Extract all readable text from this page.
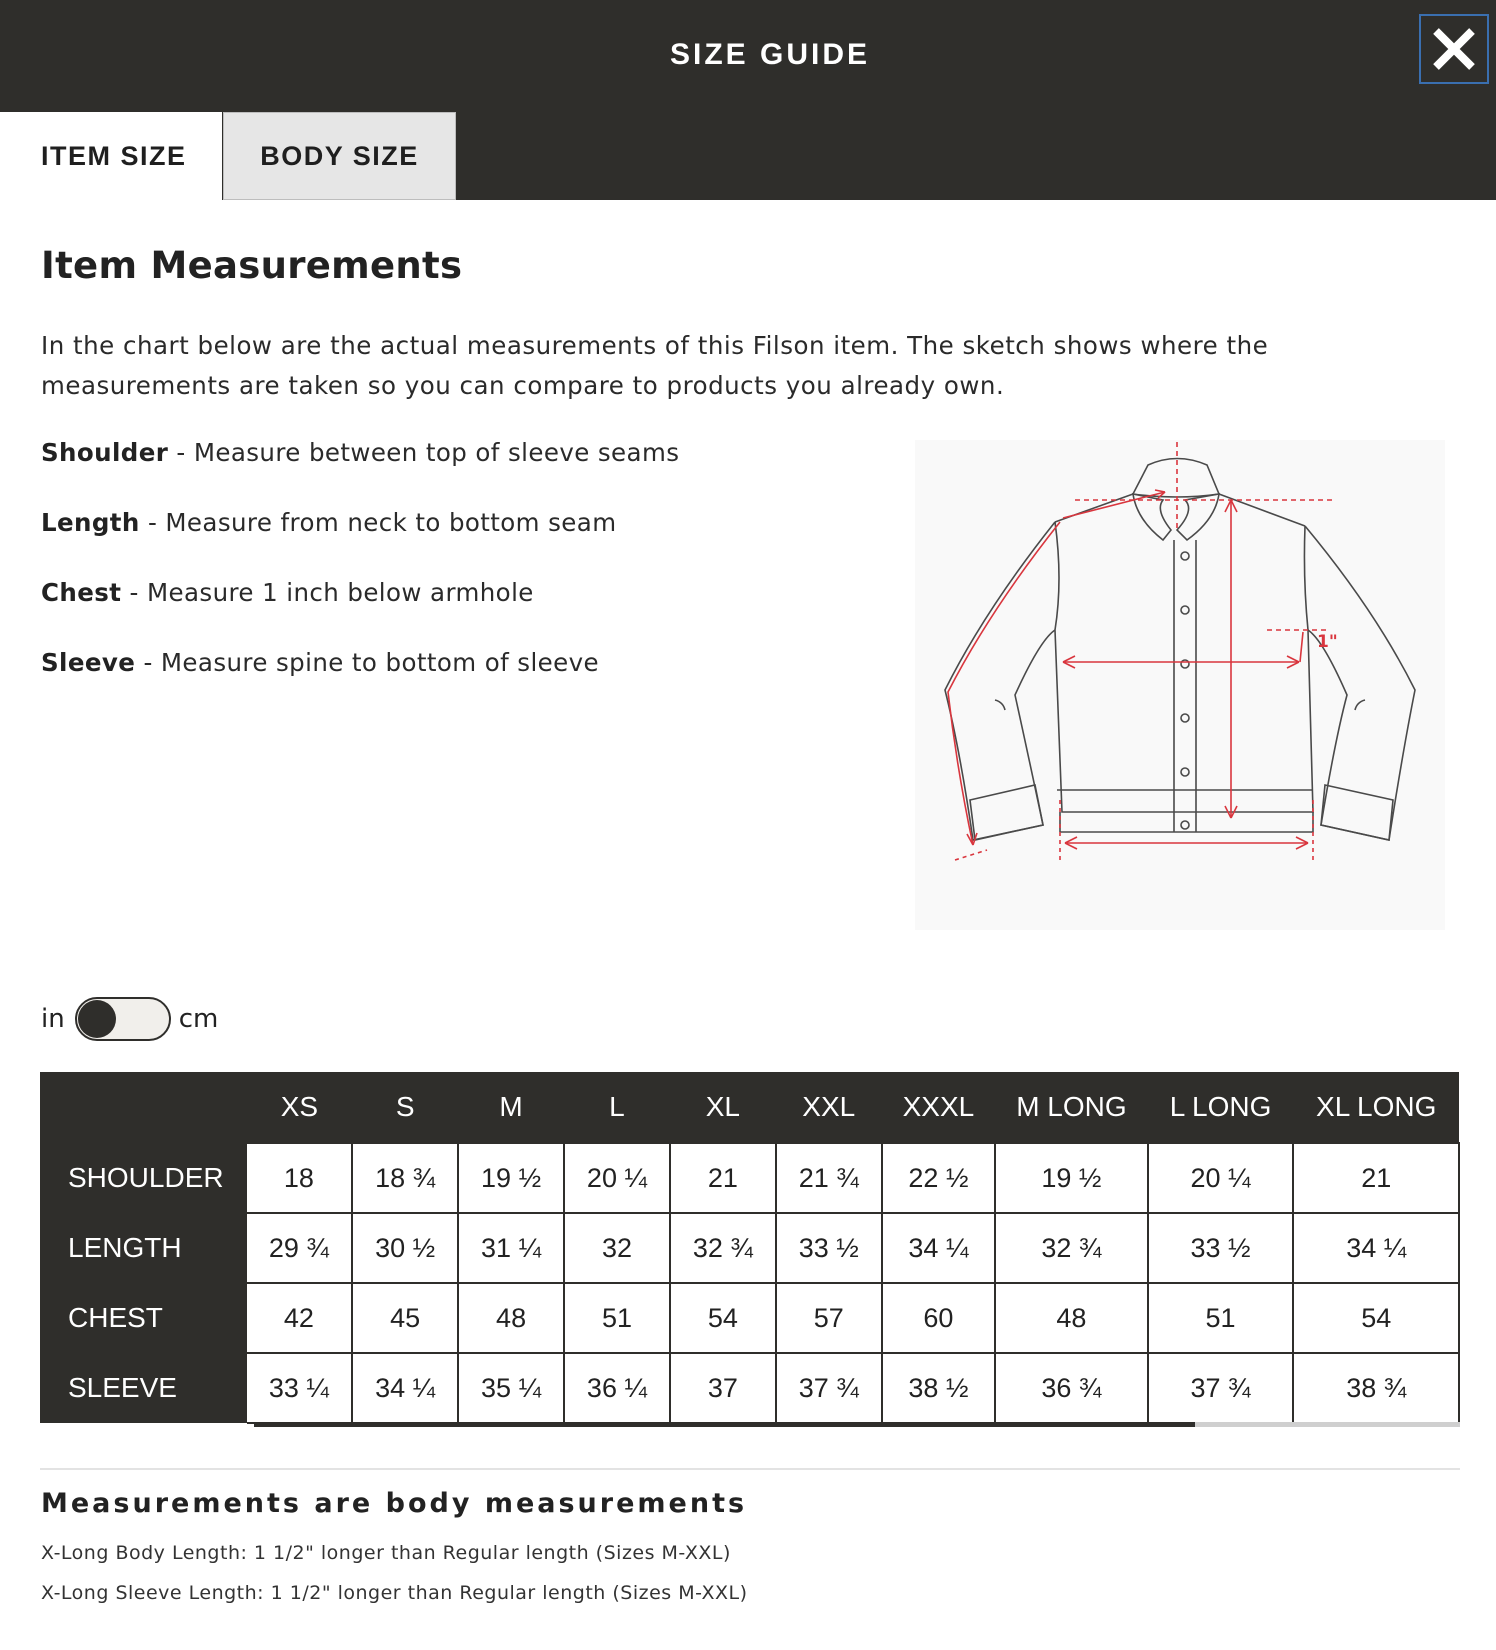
SIZE GUIDE
ITEM SIZE	BODY SIZE
Item Measurements
In the chart below are the actual measurements of this Filson item. The sketch shows where the measurements are taken so you can compare to products you already own.
Shoulder - Measure between top of sleeve seams
Length - Measure from neck to bottom seam
Chest - Measure 1 inch below armhole
Sleeve - Measure spine to bottom of sleeve
1"
in	cm
	XS	S	M	L	XL	XXL	XXXL	M LONG	L LONG	XL LONG
SHOULDER	18	18 ¾	19 ½	20 ¼	21	21 ¾	22 ½	19 ½	20 ¼	21
LENGTH	29 ¾	30 ½	31 ¼	32	32 ¾	33 ½	34 ¼	32 ¾	33 ½	34 ¼
CHEST	42	45	48	51	54	57	60	48	51	54
SLEEVE	33 ¼	34 ¼	35 ¼	36 ¼	37	37 ¾	38 ½	36 ¾	37 ¾	38 ¾
Measurements are body measurements
X-Long Body Length: 1 1/2" longer than Regular length (Sizes M-XXL)
X-Long Sleeve Length: 1 1/2" longer than Regular length (Sizes M-XXL)
